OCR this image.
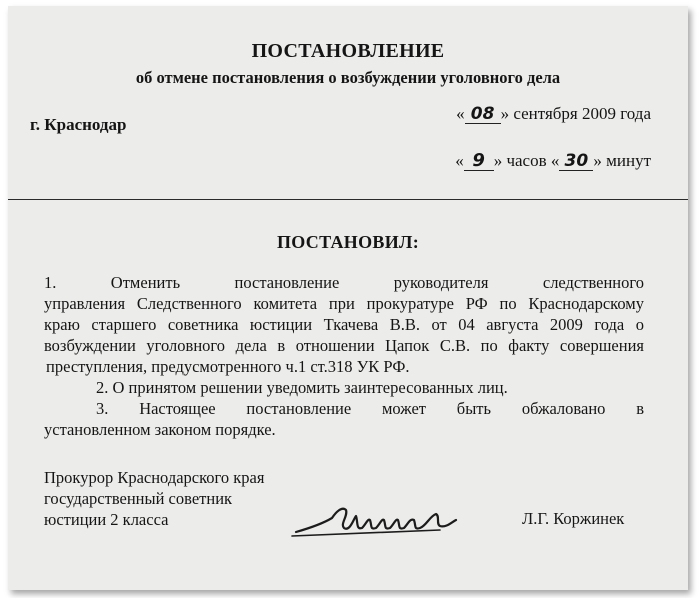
ПОСТАНОВЛЕНИЕ
об отмене постановления о возбуждении уголовного дела
г. Краснодар
« 08 » сентября 2009 года
« 9 » часов « 30 » минут
ПОСТАНОВИЛ:
1. Отменить постановление руководителя следственного
управления Следственного комитета при прокуратуре РФ по Краснодарскому
краю старшего советника юстиции Ткачева В.В. от 04 августа 2009 года о
возбуждении уголовного дела в отношении Цапок С.В. по факту совершения
преступления, предусмотренного ч.1 ст.318 УК РФ.
2. О принятом решении уведомить заинтересованных лиц.
3. Настоящее постановление может быть обжаловано в
установленном законом порядке.
Прокурор Краснодарского края
государственный советник
юстиции 2 класса	Л.Г. Коржинек
